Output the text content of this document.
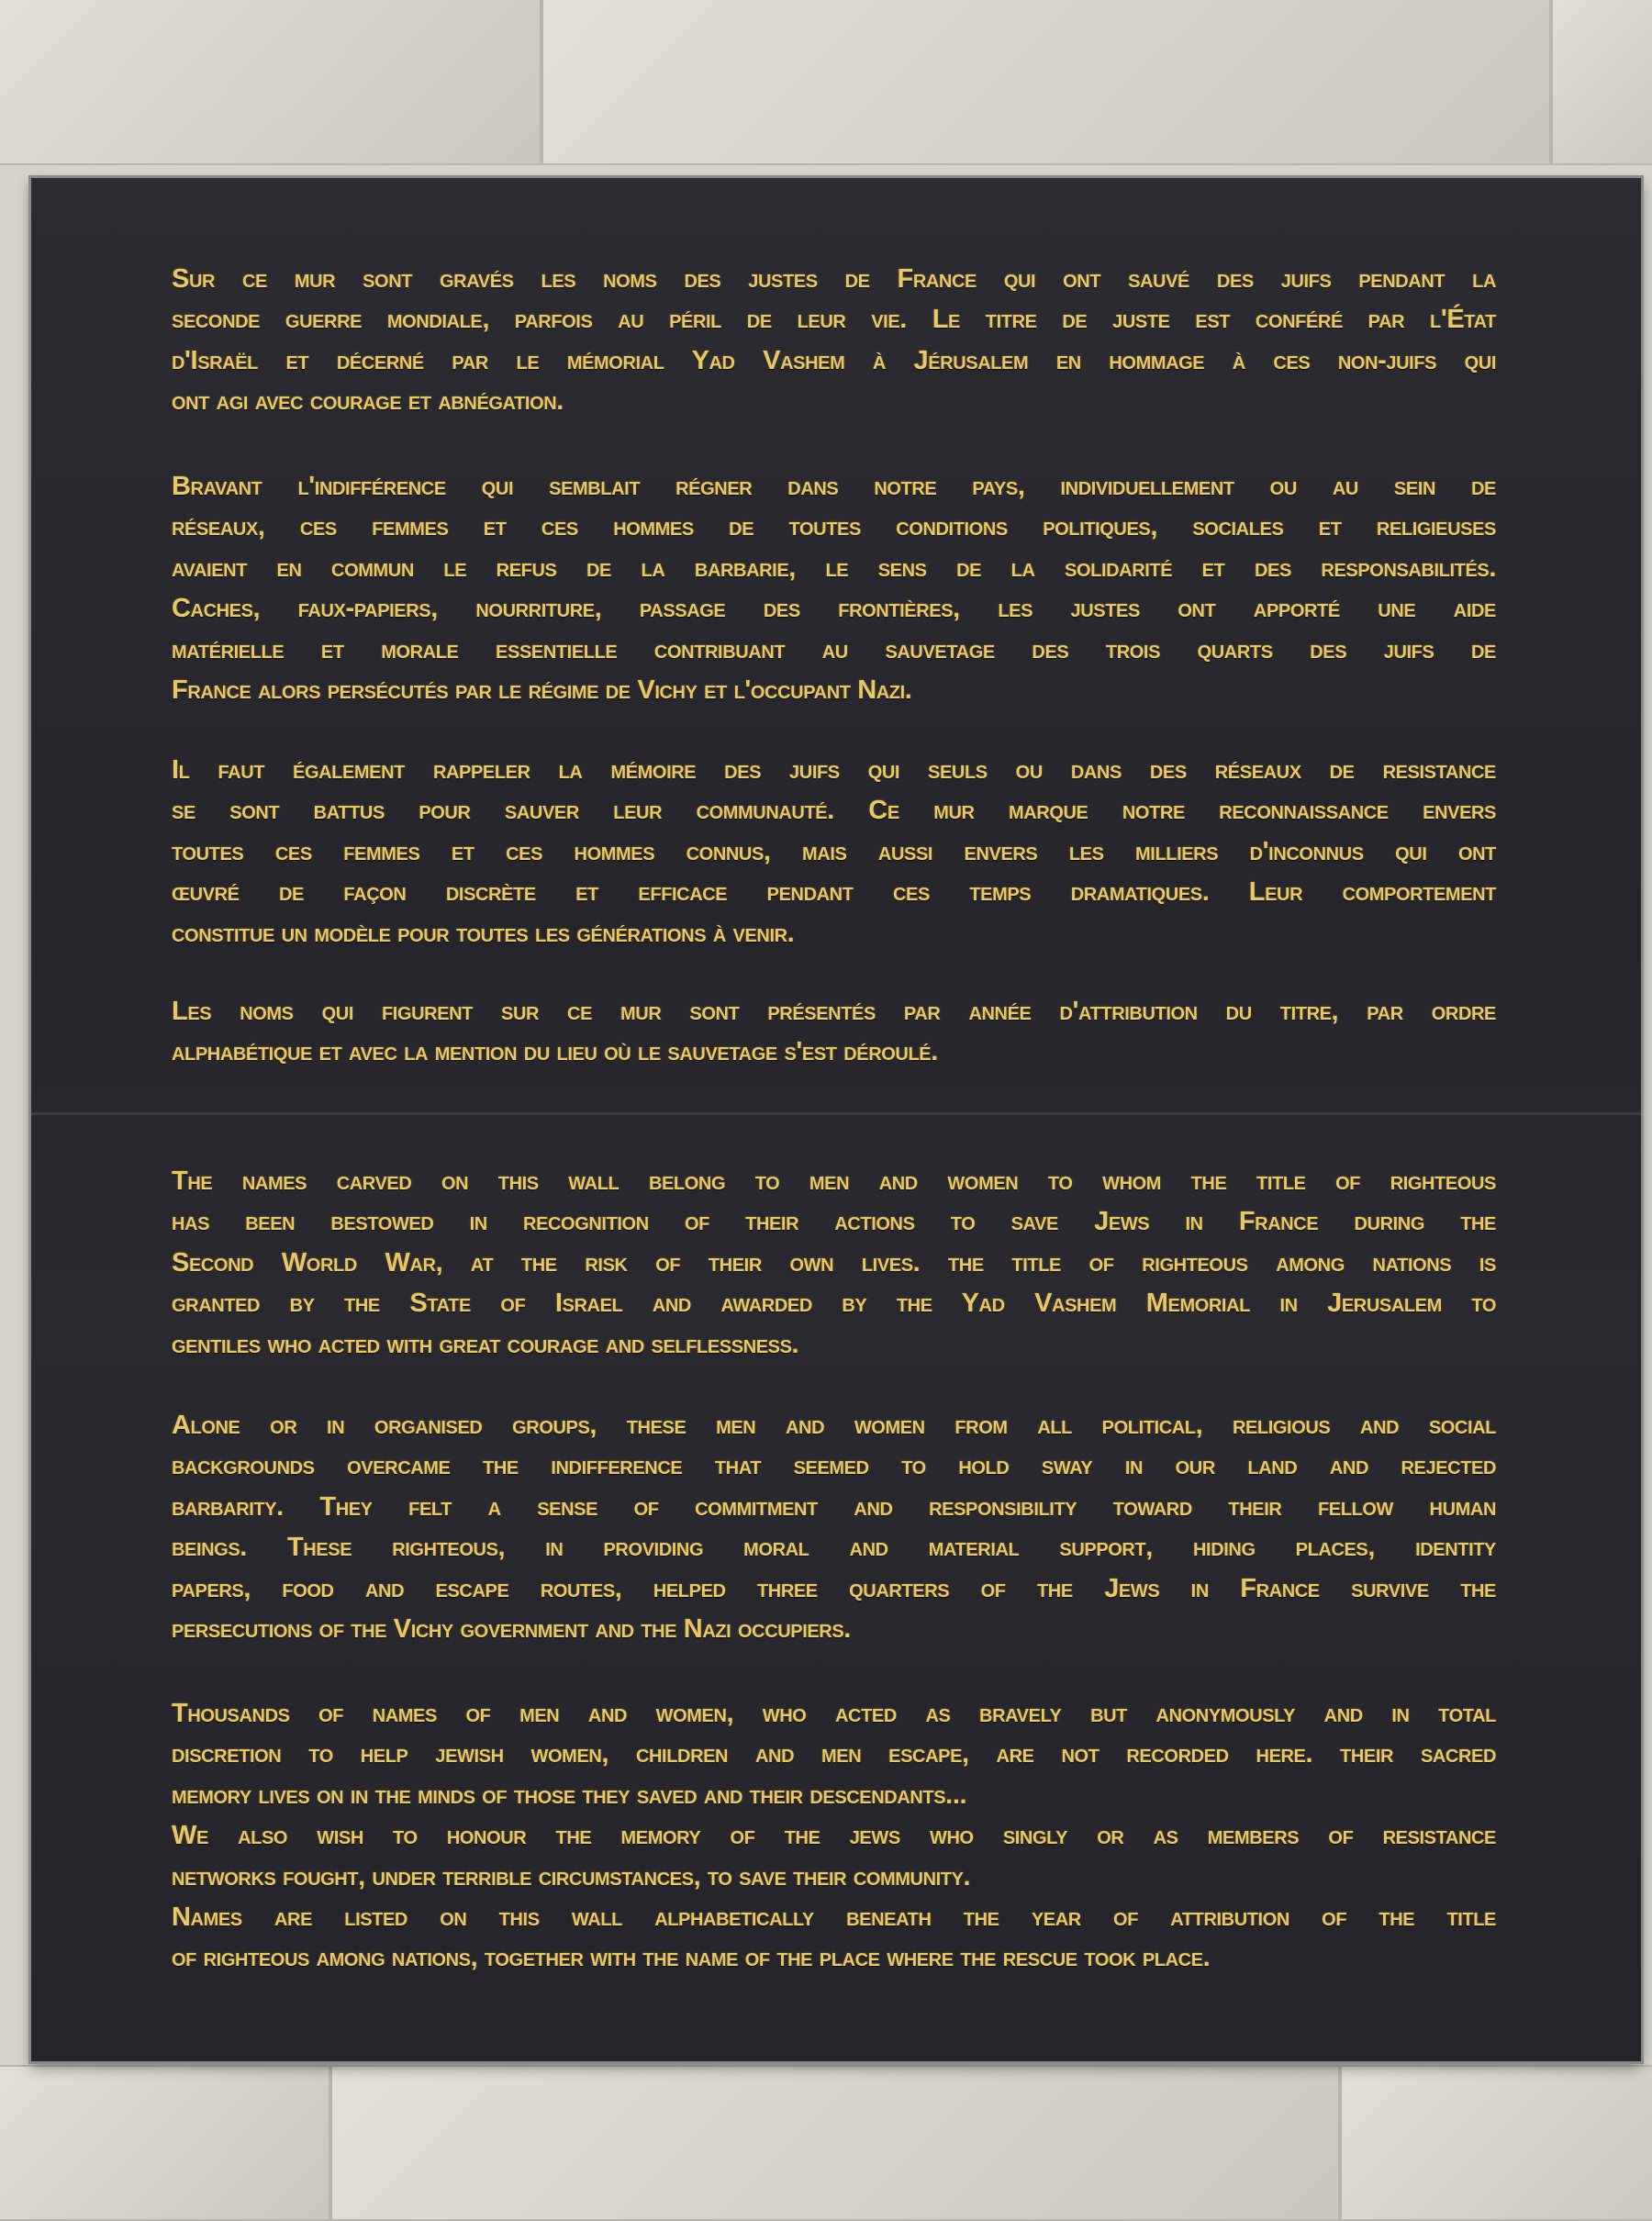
Sur ce mur sont gravés les noms des justes de France qui ont sauvé des juifs pendant la
seconde guerre mondiale, parfois au péril de leur vie. Le titre de juste est conféré par l'État
d'Israël et décerné par le mémorial Yad Vashem à Jérusalem en hommage à ces non-juifs qui
ont agi avec courage et abnégation.
Bravant l'indifférence qui semblait régner dans notre pays, individuellement ou au sein de
réseaux, ces femmes et ces hommes de toutes conditions politiques, sociales et religieuses
avaient en commun le refus de la barbarie, le sens de la solidarité et des responsabilités.
Caches, faux-papiers, nourriture, passage des frontières, les justes ont apporté une aide
matérielle et morale essentielle contribuant au sauvetage des trois quarts des juifs de
France alors persécutés par le régime de Vichy et l'occupant Nazi.
Il faut également rappeler la mémoire des juifs qui seuls ou dans des réseaux de resistance
se sont battus pour sauver leur communauté. Ce mur marque notre reconnaissance envers
toutes ces femmes et ces hommes connus, mais aussi envers les milliers d'inconnus qui ont
œuvré de façon discrète et efficace pendant ces temps dramatiques. Leur comportement
constitue un modèle pour toutes les générations à venir.
Les noms qui figurent sur ce mur sont présentés par année d'attribution du titre, par ordre
alphabétique et avec la mention du lieu où le sauvetage s'est déroulé.
The names carved on this wall belong to men and women to whom the title of righteous
has been bestowed in recognition of their actions to save Jews in France during the
Second World War, at the risk of their own lives. the title of righteous among nations is
granted by the State of Israel and awarded by the Yad Vashem Memorial in Jerusalem to
gentiles who acted with great courage and selflessness.
Alone or in organised groups, these men and women from all political, religious and social
backgrounds overcame the indifference that seemed to hold sway in our land and rejected
barbarity. They felt a sense of commitment and responsibility toward their fellow human
beings. These righteous, in providing moral and material support, hiding places, identity
papers, food and escape routes, helped three quarters of the Jews in France survive the
persecutions of the Vichy government and the Nazi occupiers.
Thousands of names of men and women, who acted as bravely but anonymously and in total
discretion to help jewish women, children and men escape, are not recorded here. their sacred
memory lives on in the minds of those they saved and their descendants...
We also wish to honour the memory of the jews who singly or as members of resistance
networks fought, under terrible circumstances, to save their community.
Names are listed on this wall alphabetically beneath the year of attribution of the title
of righteous among nations, together with the name of the place where the rescue took place.
